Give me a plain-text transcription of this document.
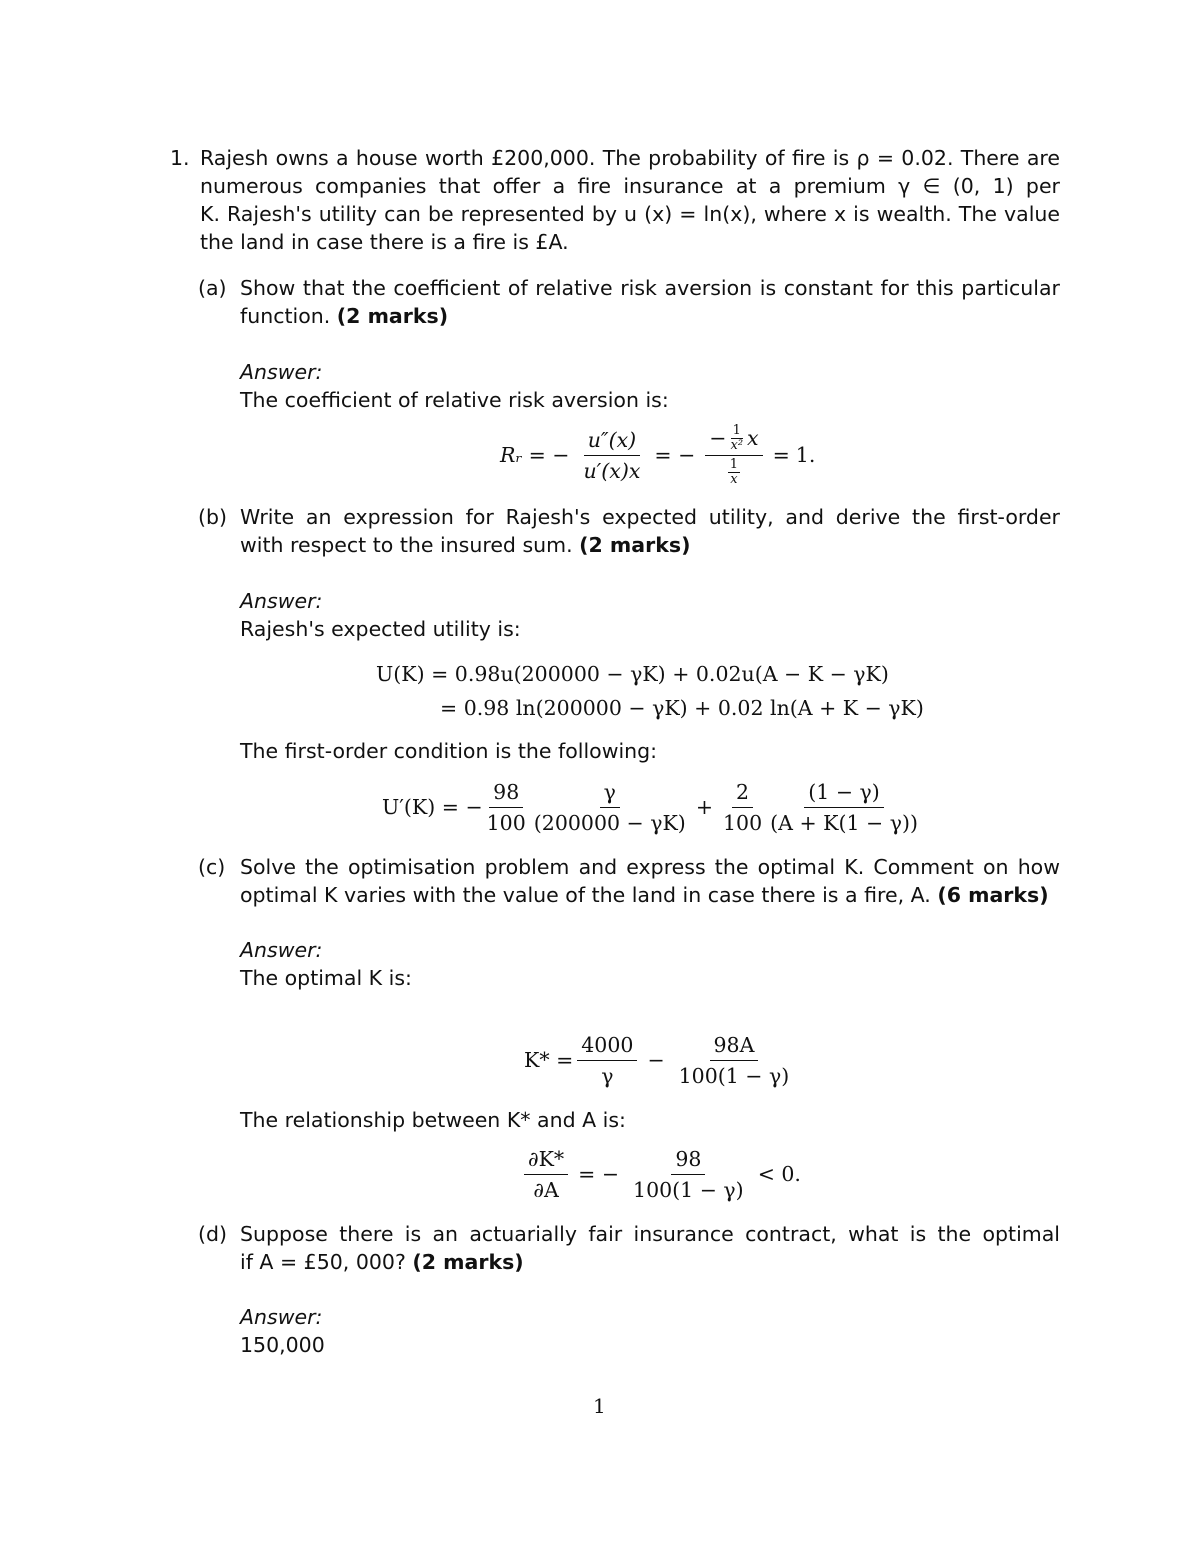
1. Rajesh owns a house worth £200,000. The probability of fire is ρ = 0.02. There are
numerous companies that offer a fire insurance at a premium γ ∈ (0, 1) per
K. Rajesh's utility can be represented by u (x) = ln(x), where x is wealth. The value
the land in case there is a fire is £A.
(a) Show that the coefficient of relative risk aversion is constant for this particular
function. (2 marks)
Answer:
The coefficient of relative risk aversion is:
Rᵣ = − $\frac{u''(x)}{u'(x)x}$ = − $\frac{- \frac{1}{\text{x²}} x}{\frac{1}{x}} = 1$.
(b) Write an expression for Rajesh's expected utility, and derive the first-order
with respect to the insured sum. (2 marks)
Answer:
Rajesh's expected utility is:
U(K) = 0.98u(200000 − γK) + 0.02u(A − K − γK)
= 0.98 ln(200000 − γK) + 0.02 ln(A + K − γK)
The first-order condition is the following:
U′(K) = − $\frac{98}{100} \frac{\gamma}{(200000 - \gamma K)} + \frac{2}{100} \frac{(1 - \gamma)}{(A + K(1 - \gamma))}$
(c) Solve the optimisation problem and express the optimal K. Comment on how
optimal K varies with the value of the land in case there is a fire, A. (6 marks)
Answer:
The optimal K is:
$K* = \frac{4000}{\gamma} - \frac{98A}{100(1 - \gamma)}$
The relationship between K* and A is:
$\frac{\partial K*}{\partial A}$ = − $\frac{98}{100(1 - \gamma)} < 0$.
(d) Suppose there is an actuarially fair insurance contract, what is the optimal
if A = £50, 000? (2 marks)
Answer:
150,000
1
